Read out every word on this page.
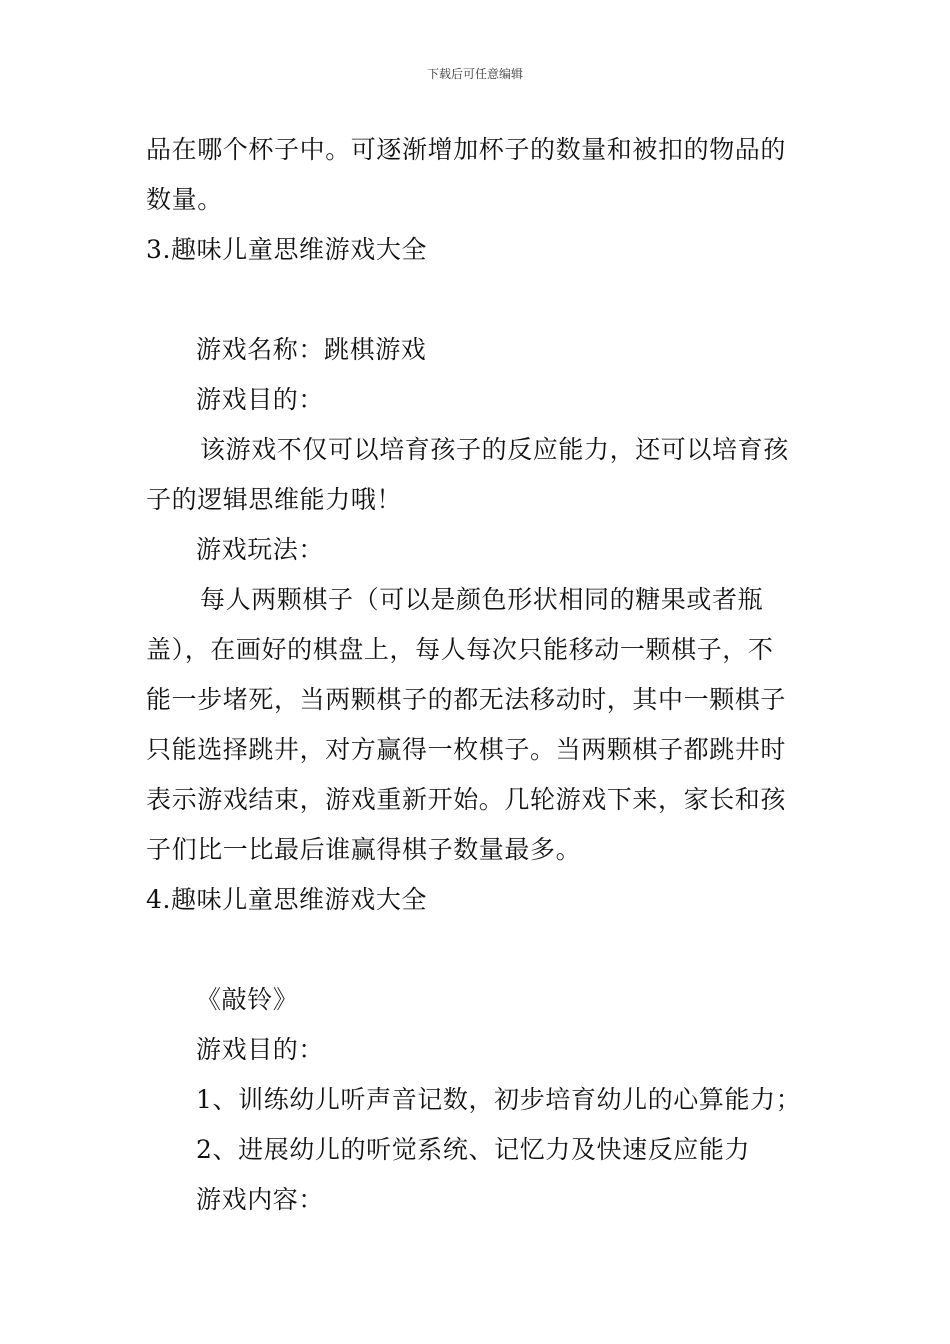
下载后可任意编辑
品在哪个杯子中。可逐渐增加杯子的数量和被扣的物品的
数量。
3.趣味儿童思维游戏大全
游戏名称：跳棋游戏
游戏目的：
该游戏不仅可以培育孩子的反应能力，还可以培育孩
子的逻辑思维能力哦！
游戏玩法：
每人两颗棋子（可以是颜色形状相同的糖果或者瓶
盖），在画好的棋盘上，每人每次只能移动一颗棋子，不
能一步堵死，当两颗棋子的都无法移动时，其中一颗棋子
只能选择跳井，对方赢得一枚棋子。当两颗棋子都跳井时
表示游戏结束，游戏重新开始。几轮游戏下来，家长和孩
子们比一比最后谁赢得棋子数量最多。
4.趣味儿童思维游戏大全
《敲铃》
游戏目的：
1、训练幼儿听声音记数，初步培育幼儿的心算能力；
2、进展幼儿的听觉系统、记忆力及快速反应能力
游戏内容：
